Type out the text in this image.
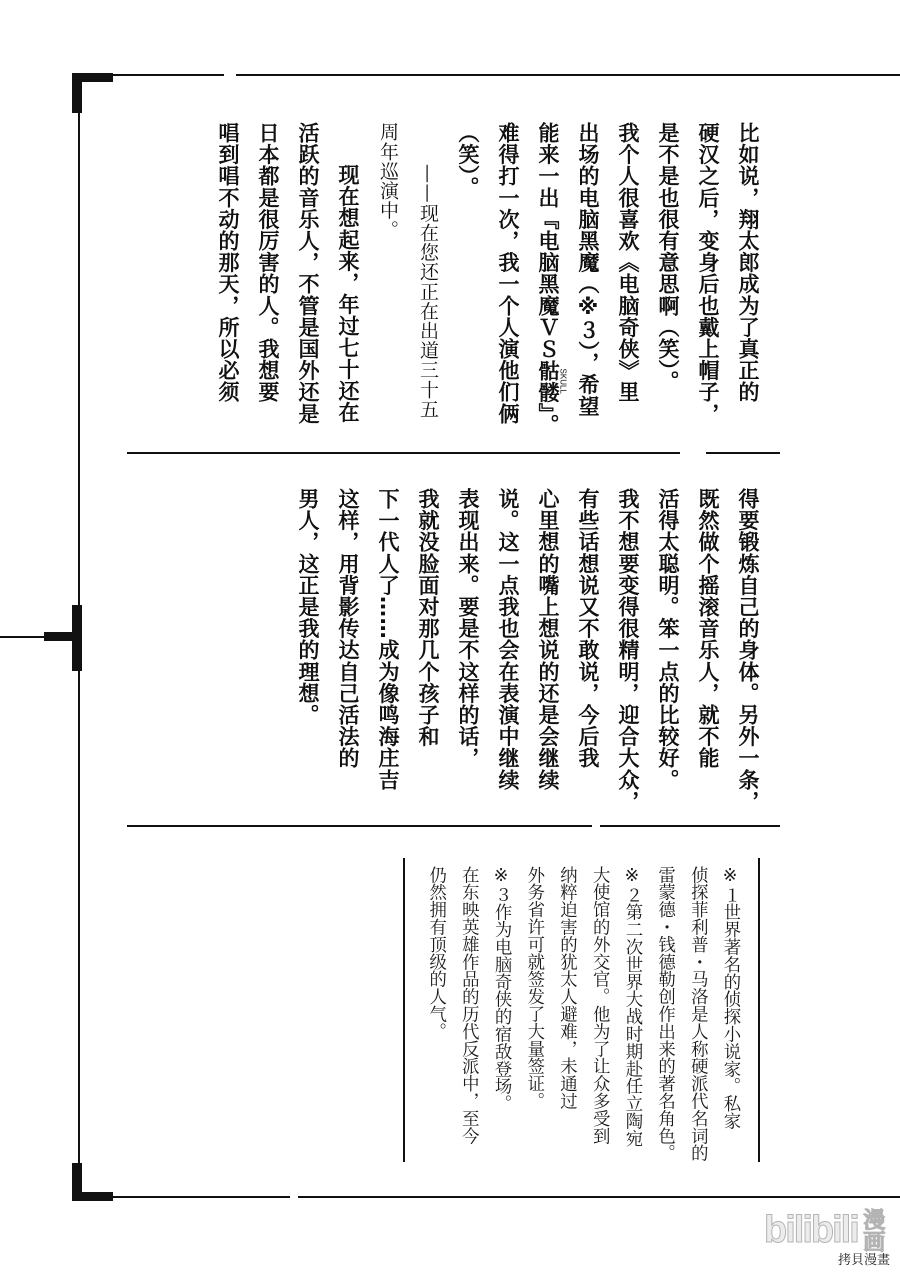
比如说，翔太郎成为了真正的
硬汉之后，变身后也戴上帽子，
是不是也很有意思啊（笑）。
我个人很喜欢《电脑奇侠》里
出场的电脑黑魔（※３），希望
能来一出『电脑黑魔ＶＳ骷髅SKULL』。
难得打一次，我一个人演他们俩
（笑）。
——现在您还正在出道三十五
周年巡演中。
现在想起来，年过七十还在
活跃的音乐人，不管是国外还是
日本都是很厉害的人。我想要
唱到唱不动的那天，所以必须
得要锻炼自己的身体。另外一条，
既然做个摇滚音乐人，就不能
活得太聪明。笨一点的比较好。
我不想要变得很精明，迎合大众，
有些话想说又不敢说，今后我
心里想的嘴上想说的还是会继续
说。这一点我也会在表演中继续
表现出来。要是不这样的话，
我就没脸面对那几个孩子和
下一代人了……成为像鸣海庄吉
这样，用背影传达自己活法的
男人，这正是我的理想。
※１世界著名的侦探小说家。私家
侦探菲利普・马洛是人称硬派代名词的
雷蒙德・钱德勒创作出来的著名角色。
※２第二次世界大战时期赴任立陶宛
大使馆的外交官。他为了让众多受到
纳粹迫害的犹太人避难，未通过
外务省许可就签发了大量签证。
※３作为电脑奇侠的宿敌登场。
在东映英雄作品的历代反派中，至今
仍然拥有顶级的人气。
bilibili 漫画
拷貝漫畫
